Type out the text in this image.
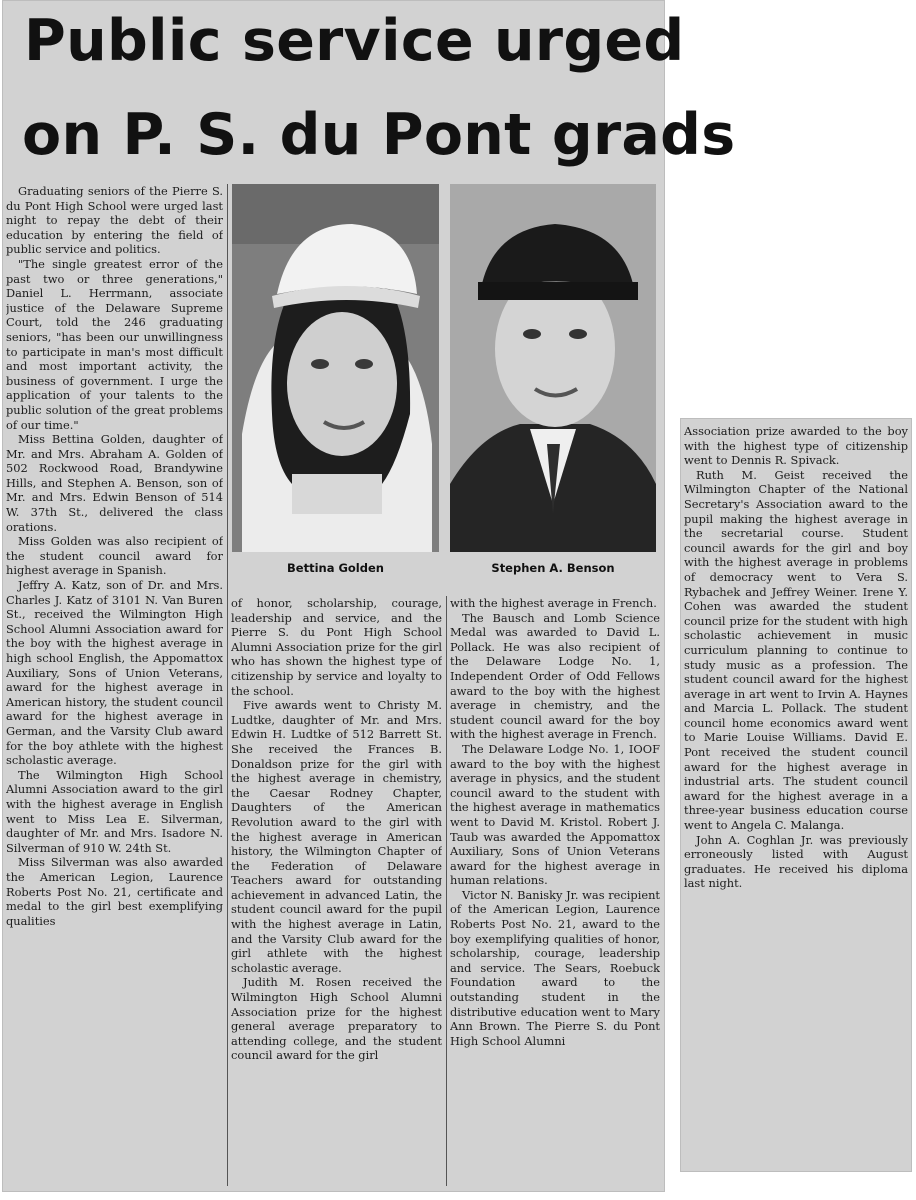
Public service urged
on P. S. du Pont grads

Graduating seniors of the Pierre S. du Pont High School were urged last night to repay the debt of their education by entering the field of public service and politics.

"The single greatest error of the past two or three generations," Daniel L. Herrmann, associate justice of the Delaware Supreme Court, told the 246 graduating seniors, "has been our unwillingness to participate in man's most difficult and most important activity, the business of government. I urge the application of your talents to the public solution of the great problems of our time."

Miss Bettina Golden, daughter of Mr. and Mrs. Abraham A. Golden of 502 Rockwood Road, Brandywine Hills, and Stephen A. Benson, son of Mr. and Mrs. Edwin Benson of 514 W. 37th St., delivered the class orations.

Miss Golden was also recipient of the student council award for highest average in Spanish.

Jeffry A. Katz, son of Dr. and Mrs. Charles J. Katz of 3101 N. Van Buren St., received the Wilmington High School Alumni Association award for the boy with the highest average in high school English, the Appomattox Auxiliary, Sons of Union Veterans, award for the highest average in American history, the student council award for the highest average in German, and the Varsity Club award for the boy athlete with the highest scholastic average.

The Wilmington High School Alumni Association award to the girl with the highest average in English went to Miss Lea E. Silverman, daughter of Mr. and Mrs. Isadore N. Silverman of 910 W. 24th St.

Miss Silverman was also awarded the American Legion, Laurence Roberts Post No. 21, certificate and medal to the girl best exemplifying qualities

Bettina Golden	Stephen A. Benson

of honor, scholarship, courage, leadership and service, and the Pierre S. du Pont High School Alumni Association prize for the girl who has shown the highest type of citizenship by service and loyalty to the school.

Five awards went to Christy M. Ludtke, daughter of Mr. and Mrs. Edwin H. Ludtke of 512 Barrett St. She received the Frances B. Donaldson prize for the girl with the highest average in chemistry, the Caesar Rodney Chapter, Daughters of the American Revolution award to the girl with the highest average in American history, the Wilmington Chapter of the Federation of Delaware Teachers award for outstanding achievement in advanced Latin, the student council award for the pupil with the highest average in Latin, and the Varsity Club award for the girl athlete with the highest scholastic average.

Judith M. Rosen received the Wilmington High School Alumni Association prize for the highest general average preparatory to attending college, and the student council award for the girl

with the highest average in French.

The Bausch and Lomb Science Medal was awarded to David L. Pollack. He was also recipient of the Delaware Lodge No. 1, Independent Order of Odd Fellows award to the boy with the highest average in chemistry, and the student council award for the boy with the highest average in French.

The Delaware Lodge No. 1, IOOF award to the boy with the highest average in physics, and the student council award to the student with the highest average in mathematics went to David M. Kristol. Robert J. Taub was awarded the Appomattox Auxiliary, Sons of Union Veterans award for the highest average in human relations.

Victor N. Banisky Jr. was recipient of the American Legion, Laurence Roberts Post No. 21, award to the boy exemplifying qualities of honor, scholarship, courage, leadership and service. The Sears, Roebuck Foundation award to the outstanding student in the distributive education went to Mary Ann Brown. The Pierre S. du Pont High School Alumni

Association prize awarded to the boy with the highest type of citizenship went to Dennis R. Spivack.

Ruth M. Geist received the Wilmington Chapter of the National Secretary's Association award to the pupil making the highest average in the secretarial course. Student council awards for the girl and boy with the highest average in problems of democracy went to Vera S. Rybachek and Jeffrey Weiner. Irene Y. Cohen was awarded the student council prize for the student with high scholastic achievement in music curriculum planning to continue to study music as a profession. The student council award for the highest average in art went to Irvin A. Haynes and Marcia L. Pollack. The student council home economics award went to Marie Louise Williams. David E. Pont received the student council award for the highest average in industrial arts. The student council award for the highest average in a three-year business education course went to Angela C. Malanga.

John A. Coghlan Jr. was previously erroneously listed with August graduates. He received his diploma last night.
